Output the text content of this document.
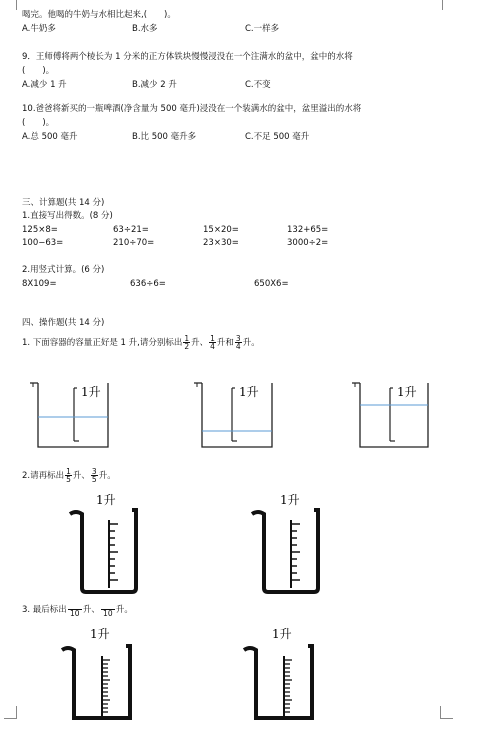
喝完。他喝的牛奶与水相比起来,(　　)。
A.牛奶多	B.水多	C.一样多
9．王师傅将两个棱长为 1 分米的正方体铁块慢慢浸没在一个注满水的盆中，盆中的水将
(　　)。
A.减少 1 升	B.减少 2 升	C.不变
10.爸爸将新买的一瓶啤酒(净含量为 500 毫升)浸没在一个装满水的盆中，盆里溢出的水将
(　　)。
A.总 500 毫升	B.比 500 毫升多	C.不足 500 毫升
三、计算题(共 14 分)
1.直接写出得数。(8 分)
125×8=	63÷21=	15×20=	132+65=
100−63=	210÷70=	23×30=	3000÷2=
2.用竖式计算。(6 分)
8X109=	636÷6=	650X6=
四、操作题(共 14 分)
1. 下面容器的容量正好是 1 升,请分别标出 $\frac{1}{2}$ 升、 $\frac{1}{4}$ 升和 $\frac{3}{4}$ 升。
1升	1升	1升
2.请再标出 $\frac{1}{5}$ 升、 $\frac{3}{5}$ 升。
1升	1升
3. 最后标出 10 升、 10 升。
1升	1升
